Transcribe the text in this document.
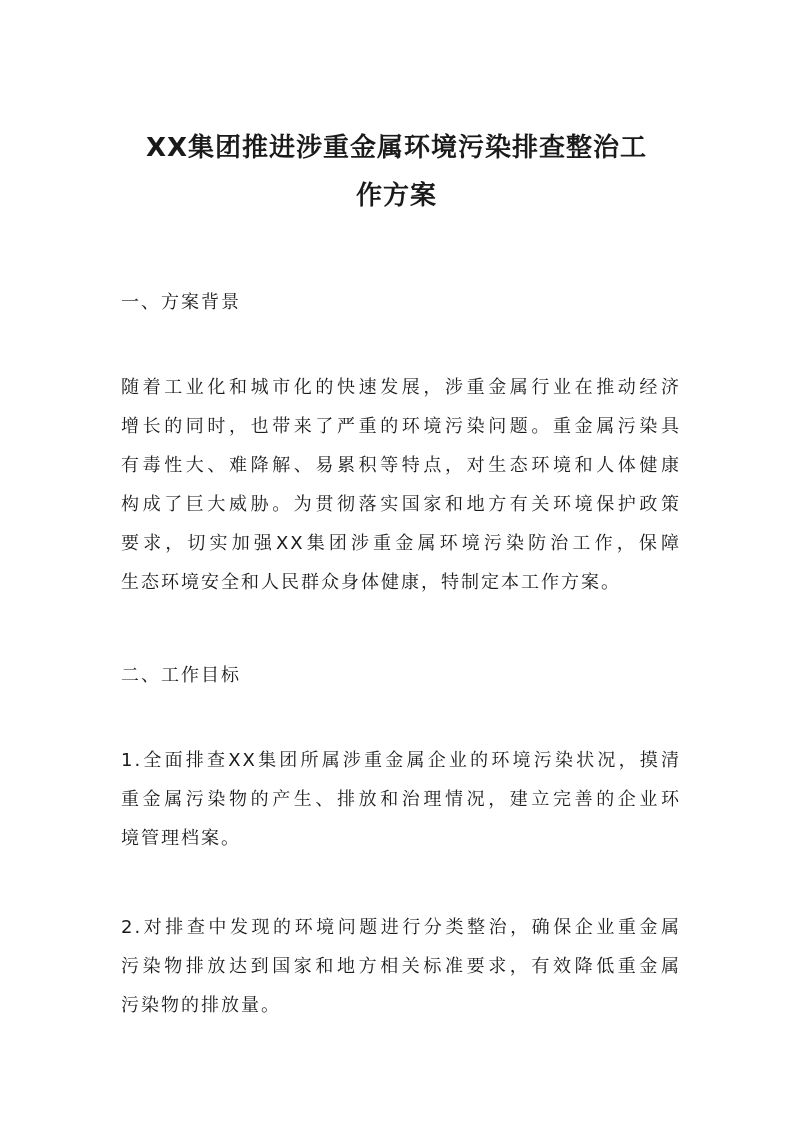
XX集团推进涉重金属环境污染排查整治工
作方案
一、方案背景
随着工业化和城市化的快速发展，涉重金属行业在推动经济
增长的同时，也带来了严重的环境污染问题。重金属污染具
有毒性大、难降解、易累积等特点，对生态环境和人体健康
构成了巨大威胁。为贯彻落实国家和地方有关环境保护政策
要求，切实加强XX集团涉重金属环境污染防治工作，保障
生态环境安全和人民群众身体健康，特制定本工作方案。
二、工作目标
1.全面排查XX集团所属涉重金属企业的环境污染状况，摸清
重金属污染物的产生、排放和治理情况，建立完善的企业环
境管理档案。
2.对排查中发现的环境问题进行分类整治，确保企业重金属
污染物排放达到国家和地方相关标准要求，有效降低重金属
污染物的排放量。
